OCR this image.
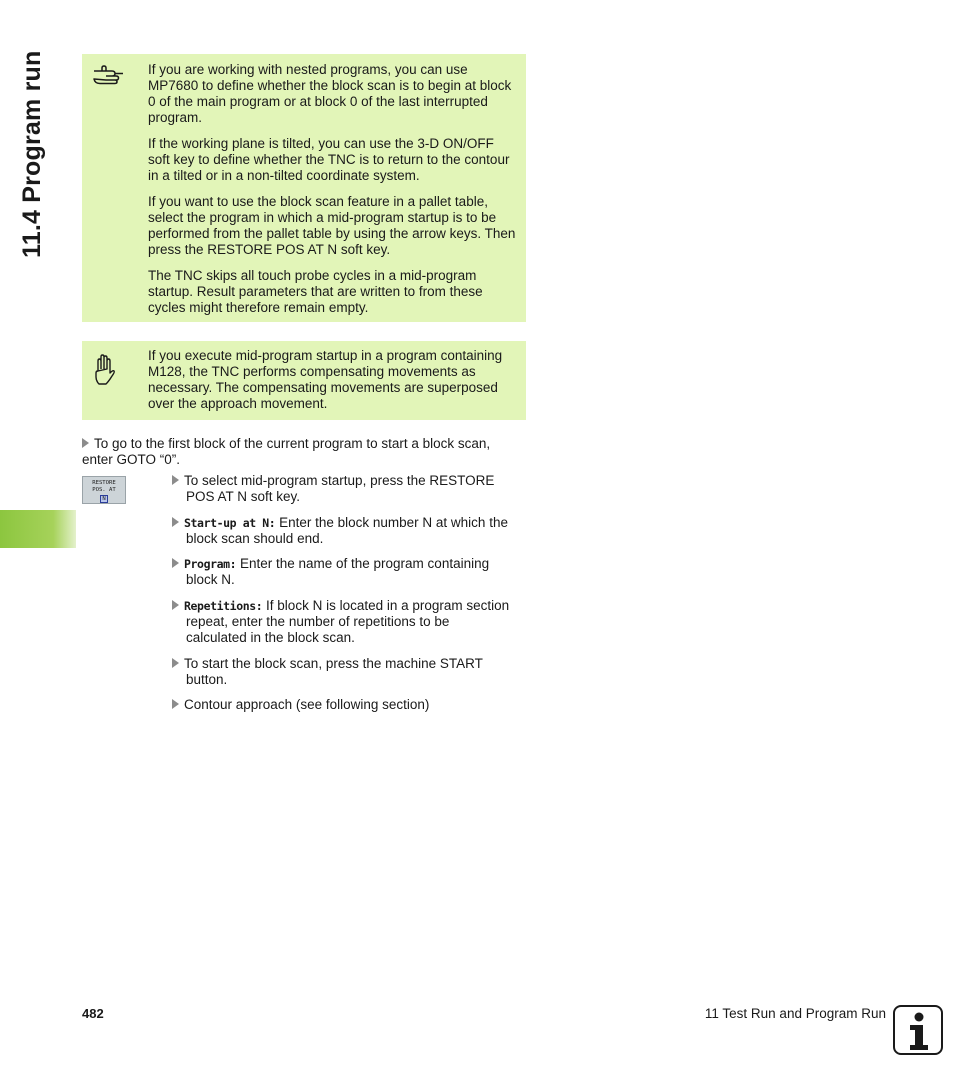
11.4 Program run	If you are working with nested programs, you can use MP7680 to define whether the block scan is to begin at block 0 of the main program or at block 0 of the last interrupted program.

If the working plane is tilted, you can use the 3-D ON/OFF soft key to define whether the TNC is to return to the contour in a tilted or in a non-tilted coordinate system.

If you want to use the block scan feature in a pallet table, select the program in which a mid-program startup is to be performed from the pallet table by using the arrow keys. Then press the RESTORE POS AT N soft key.

The TNC skips all touch probe cycles in a mid-program startup. Result parameters that are written to from these cycles might therefore remain empty.

If you execute mid-program startup in a program containing M128, the TNC performs compensating movements as necessary. The compensating movements are superposed over the approach movement.

To go to the first block of the current program to start a block scan,
enter GOTO “0”.

RESTORE
POS. AT
N

To select mid-program startup, press the RESTORE
POS AT N soft key.

Start-up at N: Enter the block number N at which the
block scan should end.

Program: Enter the name of the program containing
block N.

Repetitions: If block N is located in a program section
repeat, enter the number of repetitions to be
calculated in the block scan.

To start the block scan, press the machine START
button.

Contour approach (see following section)

482	11 Test Run and Program Run
